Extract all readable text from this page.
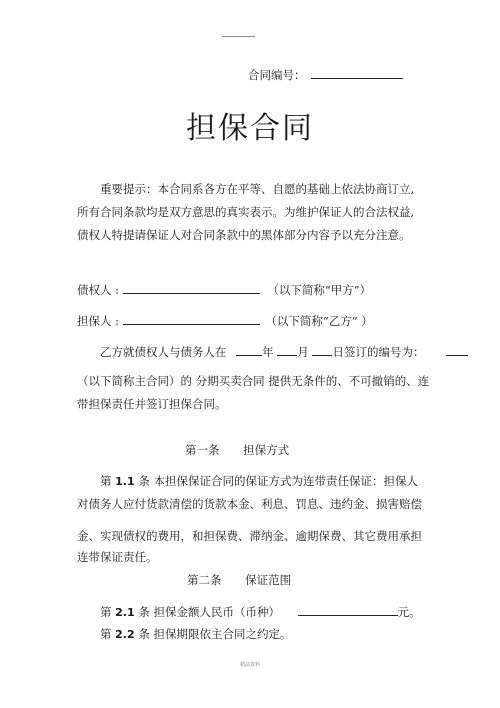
合同编号：
担保合同
重要提示：本合同系各方在平等、自愿的基础上依法协商订立,
所有合同条款均是双方意思的真实表示。为维护保证人的合法权益,
债权人特提请保证人对合同条款中的黑体部分内容予以充分注意。
债权人 :	（以下简称“甲方”）
担保人 :	（以下简称“乙方” ）
乙方就债权人与债务人在	年 月 日签订的编号为：
（以下简称主合同）的 分期买卖合同 提供无条件的、不可撤销的、连
带担保责任并签订担保合同。
第一条 担保方式
第 1.1 条 本担保保证合同的保证方式为连带责任保证：担保人
对债务人应付货款清偿的货款本金、利息、罚息、违约金、损害赔偿
金、实现债权的费用，和担保费、滞纳金、逾期保费、其它费用承担
连带保证责任。
第二条 保证范围
第 2.1 条 担保金额人民币（币种）	元。
第 2.2 条 担保期限依主合同之约定。
精品资料
